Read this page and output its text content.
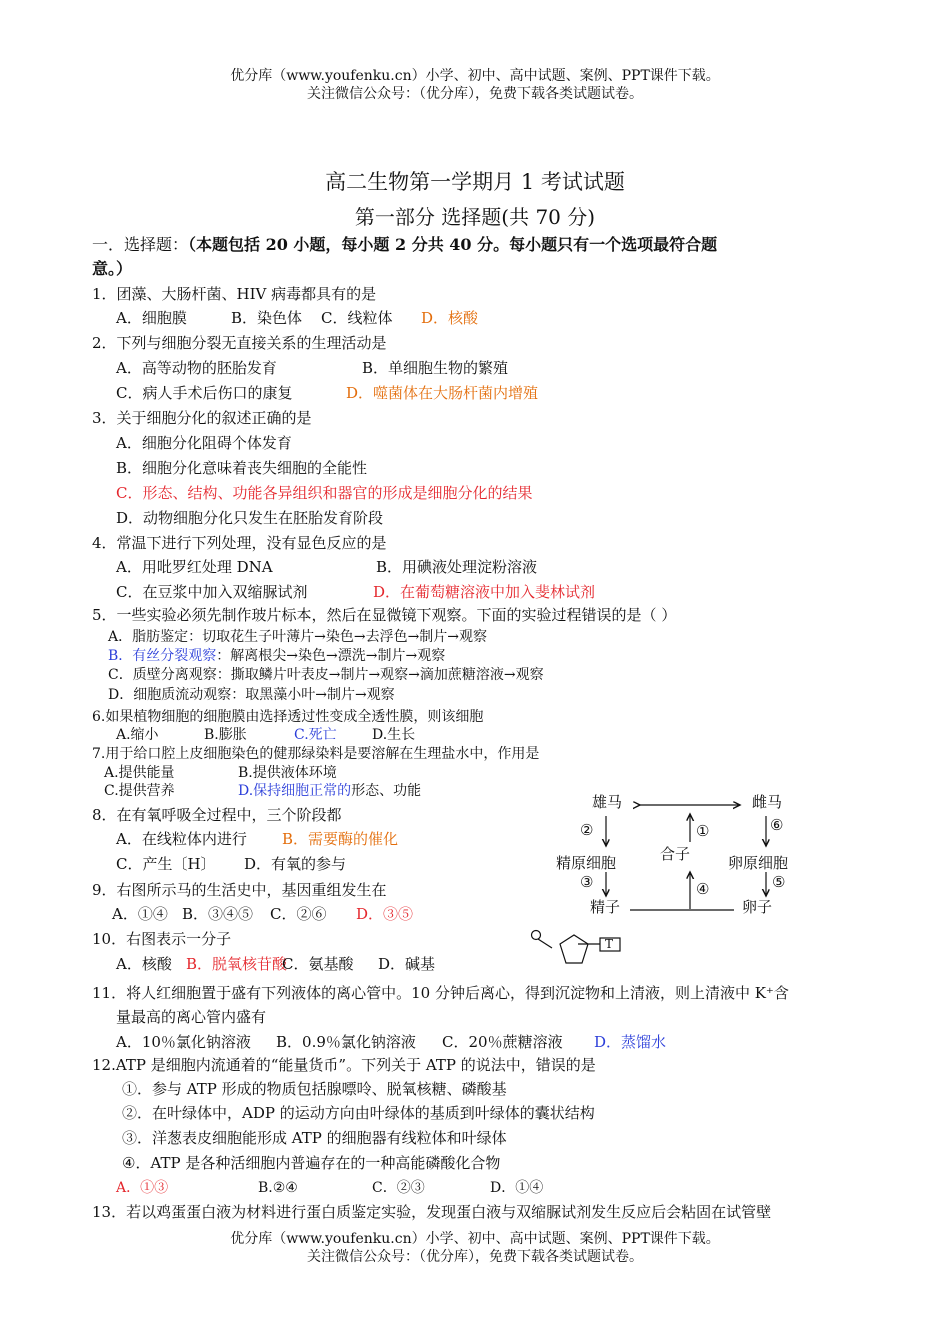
优分库（www.youfenku.cn）小学、初中、高中试题、案例、PPT课件下载。
关注微信公众号：（优分库），免费下载各类试题试卷。
高二生物第一学期月 1 考试试题
第一部分 选择题(共 70 分)
一．选择题：（本题包括 20 小题，每小题 2 分共 40 分。每小题只有一个选项最符合题
意。）
1．团藻、大肠杆菌、HIV 病毒都具有的是
A．细胞膜	B．染色体 C．线粒体 D．核酸
2．下列与细胞分裂无直接关系的生理活动是
A．高等动物的胚胎发育	B．单细胞生物的繁殖
C．病人手术后伤口的康复	D．噬菌体在大肠杆菌内增殖
3．关于细胞分化的叙述正确的是
A．细胞分化阻碍个体发育
B．细胞分化意味着丧失细胞的全能性
C．形态、结构、功能各异组织和器官的形成是细胞分化的结果
D．动物细胞分化只发生在胚胎发育阶段
4．常温下进行下列处理，没有显色反应的是
A．用吡罗红处理 DNA	B．用碘液处理淀粉溶液
C．在豆浆中加入双缩脲试剂	D．在葡萄糖溶液中加入斐林试剂
5．一些实验必须先制作玻片标本，然后在显微镜下观察。下面的实验过程错误的是（ ）
A．脂肪鉴定：切取花生子叶薄片→染色→去浮色→制片→观察
B．有丝分裂观察：解离根尖→染色→漂洗→制片→观察
C．质壁分离观察：撕取鳞片叶表皮→制片→观察→滴加蔗糖溶液→观察
D．细胞质流动观察：取黑藻小叶→制片→观察
6.如果植物细胞的细胞膜由选择透过性变成全透性膜，则该细胞
A.缩小	B.膨胀	C.死亡	D.生长
7.用于给口腔上皮细胞染色的健那绿染料是要溶解在生理盐水中，作用是
A.提供能量	B.提供液体环境
C.提供营养	D.保持细胞正常的形态、功能
8．在有氧呼吸全过程中，三个阶段都
A．在线粒体内进行 B．需要酶的催化
C．产生〔H〕 D．有氧的参与
9．右图所示马的生活史中，基因重组发生在
A．①④ B．③④⑤ C．②⑥ D．③⑤
10．右图表示一分子
A．核酸 B．脱氧核苷酸C．氨基酸 D．碱基
11．将人红细胞置于盛有下列液体的离心管中。10 分钟后离心，得到沉淀物和上清液，则上清液中 K⁺含
量最高的离心管内盛有
A．10％氯化钠溶液 B．0.9％氯化钠溶液 C．20％蔗糖溶液 D．蒸馏水
12.ATP 是细胞内流通着的“能量货币”。下列关于 ATP 的说法中，错误的是
①．参与 ATP 形成的物质包括腺嘌呤、脱氧核糖、磷酸基
②．在叶绿体中，ADP 的运动方向由叶绿体的基质到叶绿体的囊状结构
③．洋葱表皮细胞能形成 ATP 的细胞器有线粒体和叶绿体
④．ATP 是各种活细胞内普遍存在的一种高能磷酸化合物
A．①③	B.②④	C．②③	D．①④
13．若以鸡蛋蛋白液为材料进行蛋白质鉴定实验，发现蛋白液与双缩脲试剂发生反应后会粘固在试管壁
优分库（www.youfenku.cn）小学、初中、高中试题、案例、PPT课件下载。
关注微信公众号：（优分库），免费下载各类试题试卷。
雄马	雌马
②	①	⑥
合子
精原细胞	卵原细胞
③	⑤
④
精子	卵子
T
